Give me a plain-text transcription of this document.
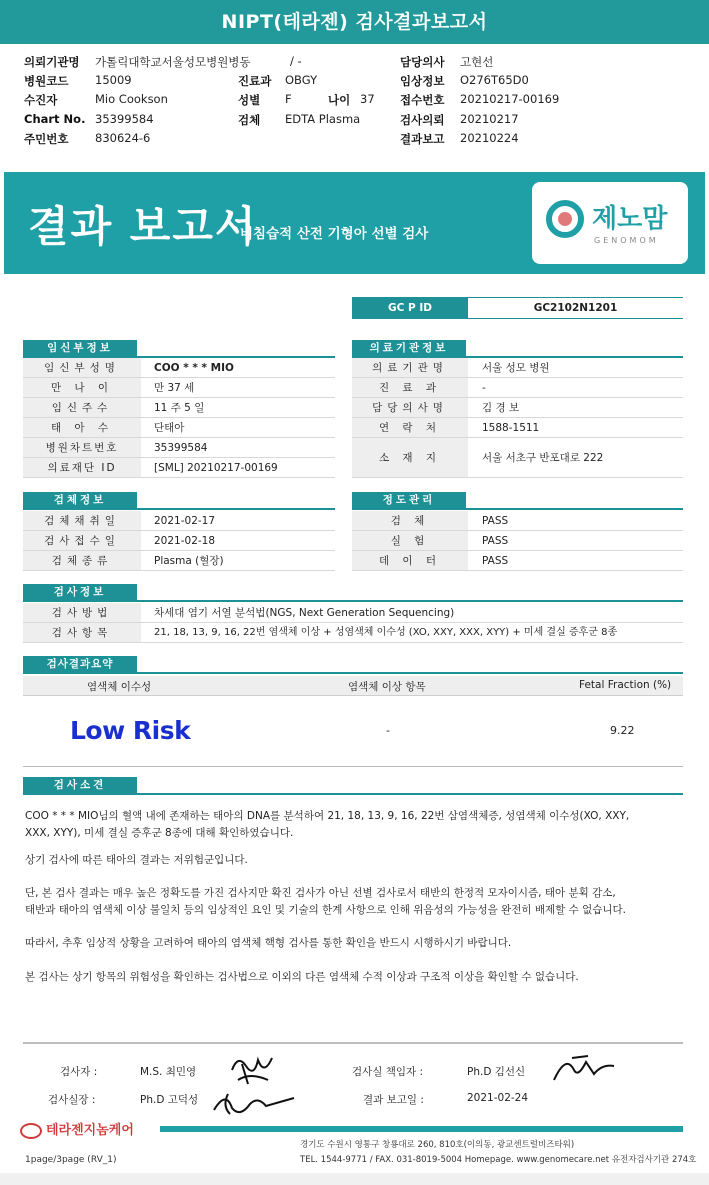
NIPT(테라젠) 검사결과보고서
의뢰기관명 가톨릭대학교서울성모병원병동	/ -	담당의사 고현선
병원코드 15009	진료과 OBGY	임상정보 O276T65D0
수진자	Mio Cookson	성별 F	나이 37 접수번호 20210217-00169
Chart No. 35399584	검체 EDTA Plasma	검사의뢰 20210217
주민번호 830624-6	결과보고 20210224
결과 보고서
비침습적 산전 기형아 선별 검사	제노맘
GENOMOM
GC P ID	GC2102N1201
임신부정보
임신부성명	COO * * * MIO
만 나 이	만 37 세
임신주수	11 주 5 일
태 아 수	단태아
병원차트번호	35399584
의료재단 ID	[SML] 20210217-00169
의료기관정보
의료기관명	서울 성모 병원
진 료 과	-
담당의사명	김 경 보
연 락 처	1588-1511
소 재 지	서울 서초구 반포대로 222
검체정보
검체채취일	2021-02-17
검사접수일	2021-02-18
검체종류	Plasma (혈장)
정도관리
검 체	PASS
실 험	PASS
데 이 터	PASS
검사정보
검사방법	차세대 염기 서열 분석법(NGS, Next Generation Sequencing)
검사항목	21, 18, 13, 9, 16, 22번 염색체 이상 + 성염색체 이수성 (XO, XXY, XXX, XYY) + 미세 결실 증후군 8종
검사결과요약
염색체 이수성	염색체 이상 항목	Fetal Fraction (%)
Low Risk	-	9.22
검사소견
COO * * * MIO님의 혈액 내에 존재하는 태아의 DNA를 분석하여 21, 18, 13, 9, 16, 22번 삼염색체증, 성염색체 이수성(XO, XXY,
XXX, XYY), 미세 결실 증후군 8종에 대해 확인하였습니다.
상기 검사에 따른 태아의 결과는 저위험군입니다.
단, 본 검사 결과는 매우 높은 정확도를 가진 검사지만 확진 검사가 아닌 선별 검사로서 태반의 한정적 모자이시즘, 태아 분획 감소,
태반과 태아의 염색체 이상 불일치 등의 임상적인 요인 및 기술의 한계 사항으로 인해 위음성의 가능성을 완전히 배제할 수 없습니다.
따라서, 추후 임상적 상황을 고려하여 태아의 염색체 핵형 검사를 통한 확인을 반드시 시행하시기 바랍니다.
본 검사는 상기 항목의 위험성을 확인하는 검사법으로 이외의 다른 염색체 수적 이상과 구조적 이상을 확인할 수 없습니다.
검사자 :	M.S. 최민영	검사실 책임자 :	Ph.D 김선신
검사실장 :	Ph.D 고덕성	결과 보고일 :	2021-02-24
테라젠지놈케어
경기도 수원시 영통구 창룡대로 260, 810호(이의동, 광교센트럴비즈타워)
TEL. 1544-9771 / FAX. 031-8019-5004 Homepage. www.genomecare.net 유전자검사기관 274호
1page/3page (RV_1)
